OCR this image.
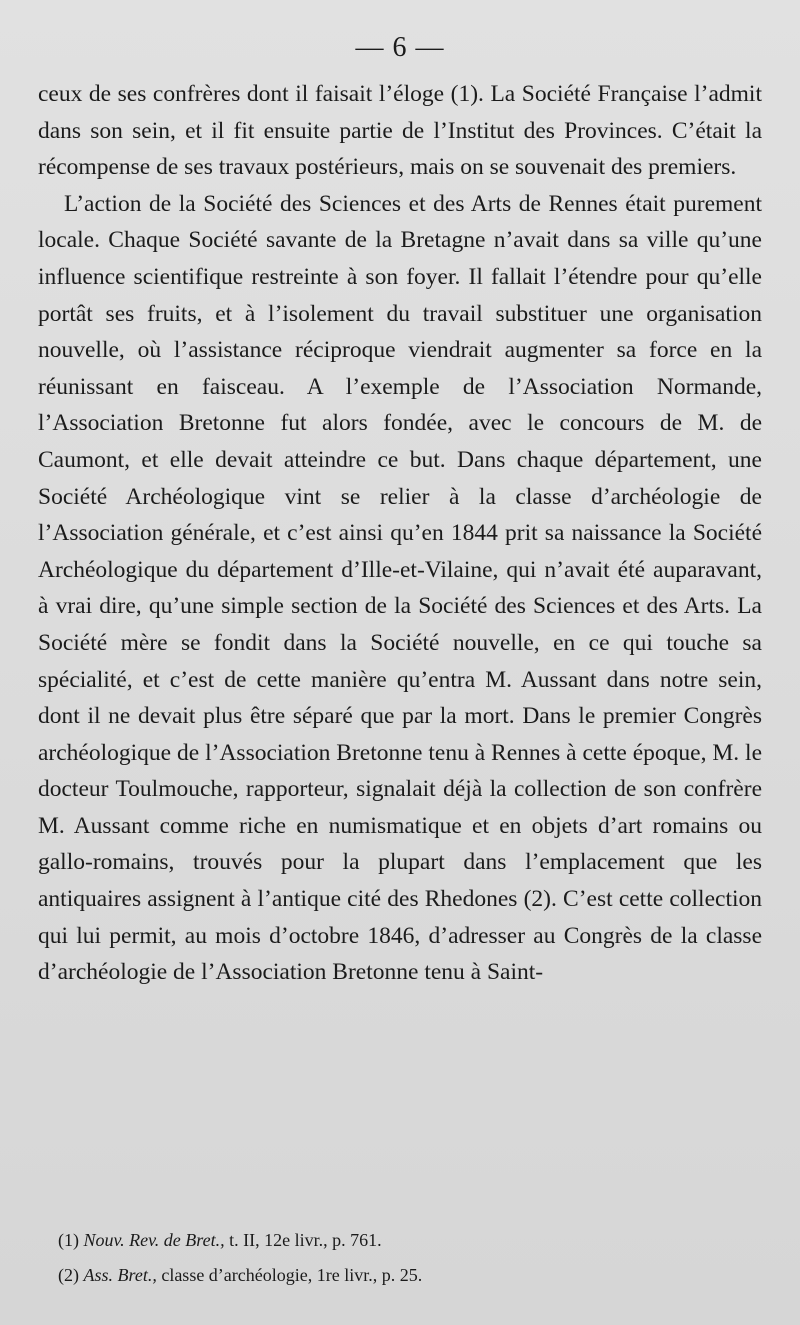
— 6 —

ceux de ses confrères dont il faisait l’éloge (1). La Société Française l’admit dans son sein, et il fit ensuite partie de l’Institut des Provinces. C’était la récompense de ses travaux postérieurs, mais on se souvenait des premiers.

L’action de la Société des Sciences et des Arts de Rennes était purement locale. Chaque Société savante de la Bretagne n’avait dans sa ville qu’une influence scientifique restreinte à son foyer. Il fallait l’étendre pour qu’elle portât ses fruits, et à l’isolement du travail substituer une organisation nouvelle, où l’assistance réciproque viendrait augmenter sa force en la réunissant en faisceau. A l’exemple de l’Association Normande, l’Association Bretonne fut alors fondée, avec le concours de M. de Caumont, et elle devait atteindre ce but. Dans chaque département, une Société Archéologique vint se relier à la classe d’archéologie de l’Association générale, et c’est ainsi qu’en 1844 prit sa naissance la Société Archéologique du département d’Ille-et-Vilaine, qui n’avait été auparavant, à vrai dire, qu’une simple section de la Société des Sciences et des Arts. La Société mère se fondit dans la Société nouvelle, en ce qui touche sa spécialité, et c’est de cette manière qu’entra M. Aussant dans notre sein, dont il ne devait plus être séparé que par la mort. Dans le premier Congrès archéologique de l’Association Bretonne tenu à Rennes à cette époque, M. le docteur Toulmouche, rapporteur, signalait déjà la collection de son confrère M. Aussant comme riche en numismatique et en objets d’art romains ou gallo-romains, trouvés pour la plupart dans l’emplacement que les antiquaires assignent à l’antique cité des Rhedones (2). C’est cette collection qui lui permit, au mois d’octobre 1846, d’adresser au Congrès de la classe d’archéologie de l’Association Bretonne tenu à Saint-

(1) Nouv. Rev. de Bret., t. II, 12e livr., p. 761.
(2) Ass. Bret., classe d’archéologie, 1re livr., p. 25.
